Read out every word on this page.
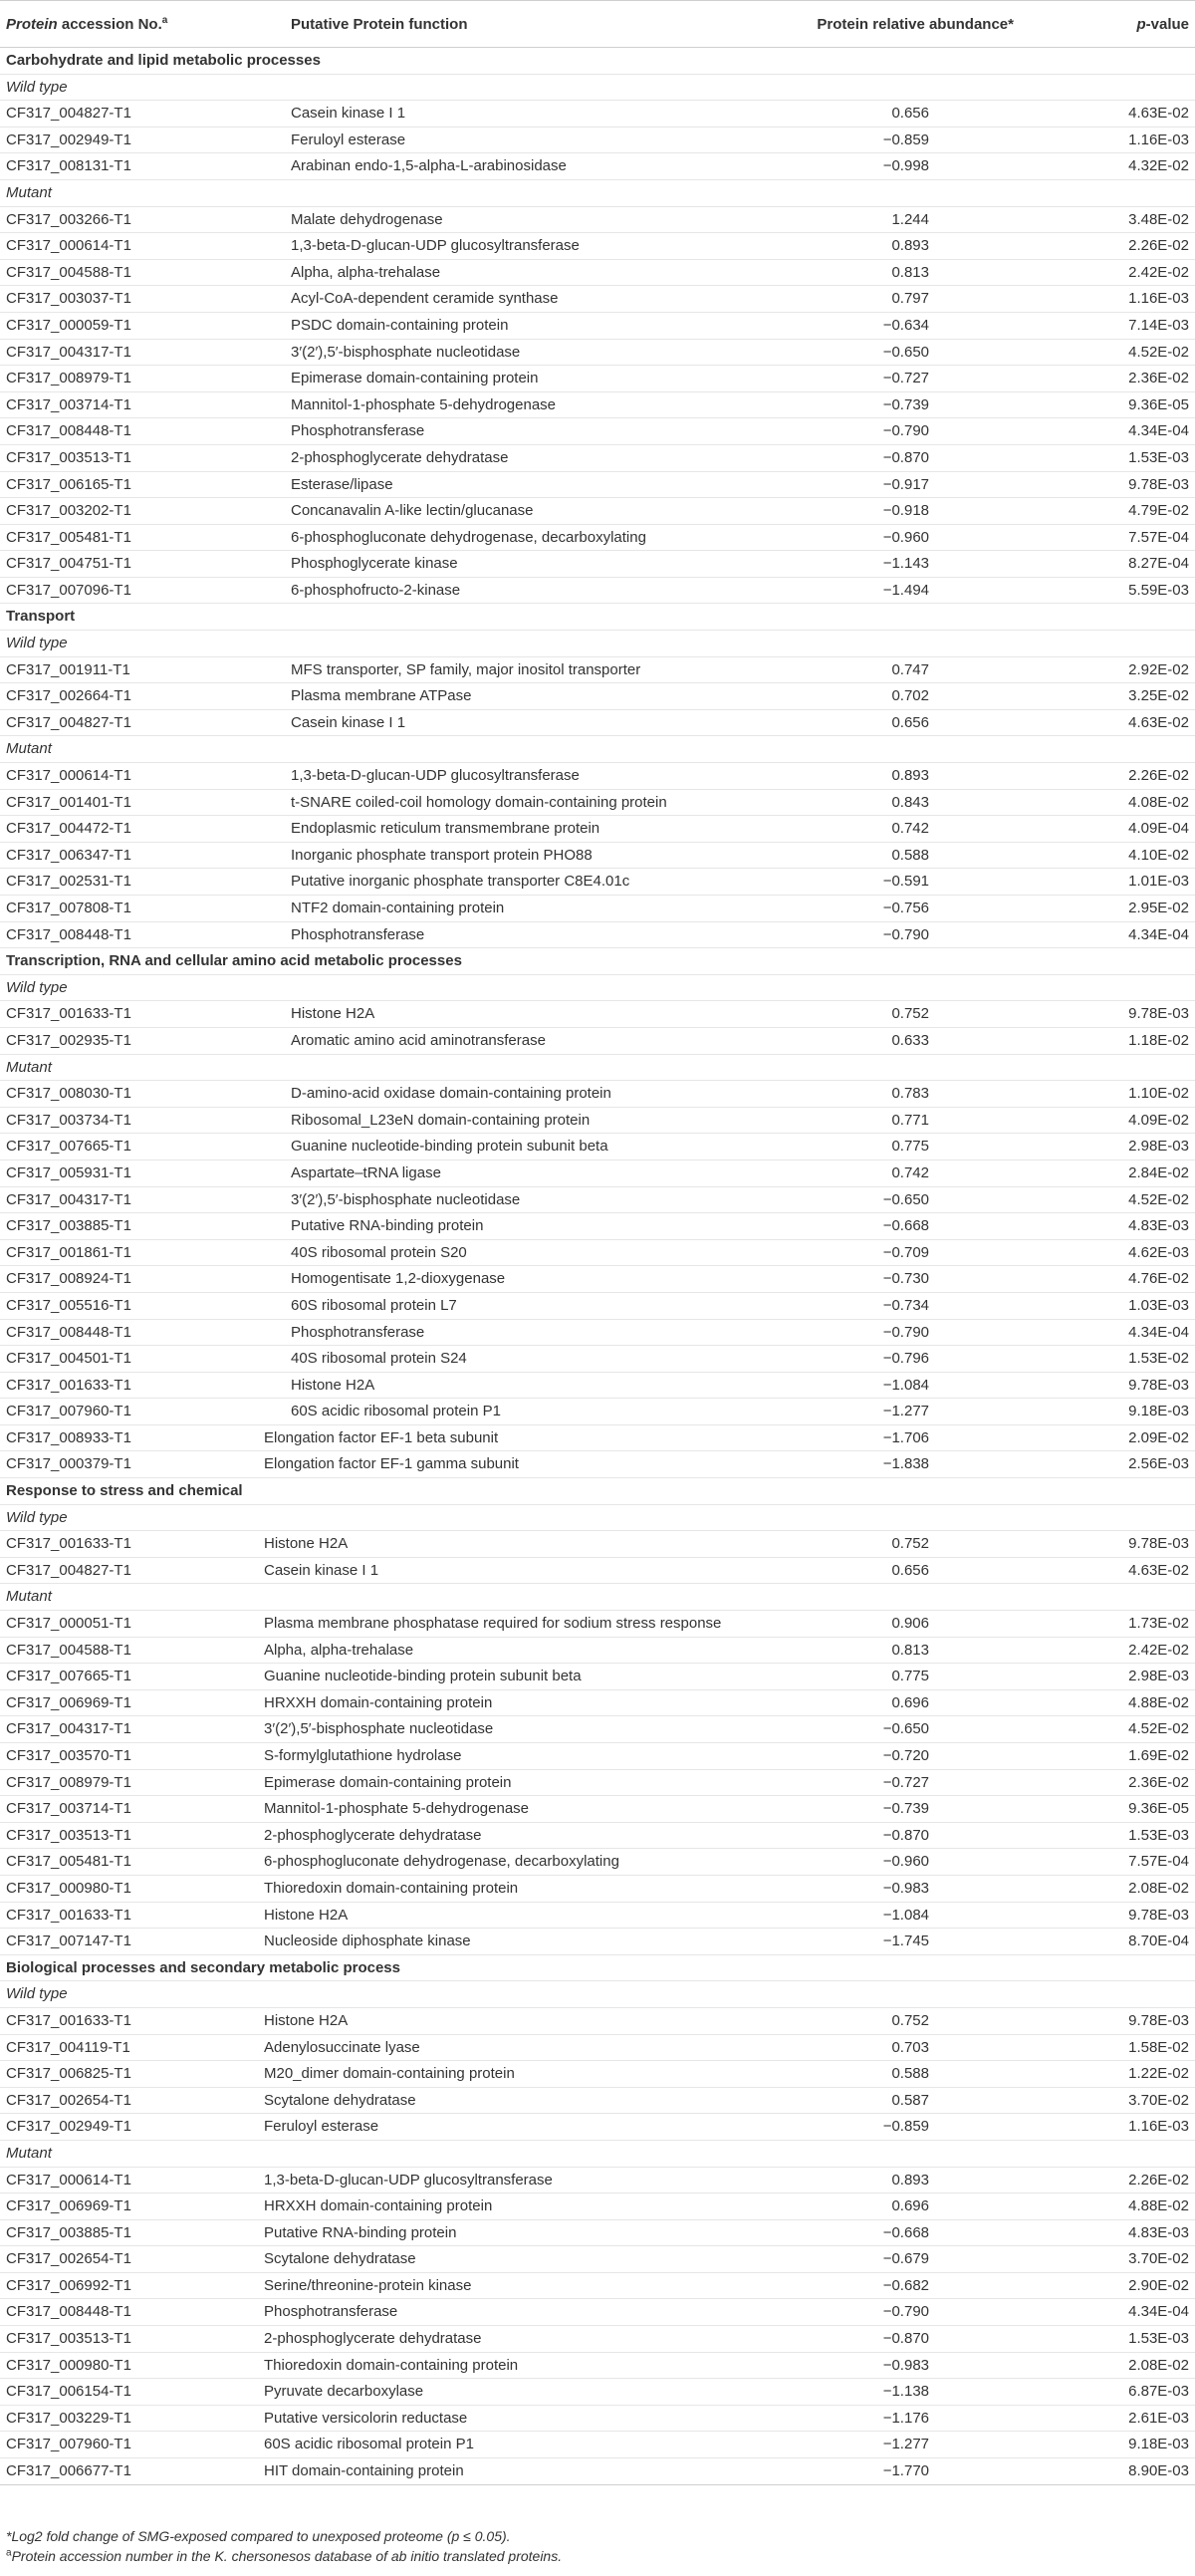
Protein accession No.$^a$	Putative Protein function	Protein relative abundance*	p-value
Carbohydrate and lipid metabolic processes
Wild type
CF317_004827-T1	Casein kinase I 1	0.656	4.63E-02
CF317_002949-T1	Feruloyl esterase	−0.859	1.16E-03
CF317_008131-T1	Arabinan endo-1,5-alpha-L-arabinosidase	−0.998	4.32E-02
Mutant
CF317_003266-T1	Malate dehydrogenase	1.244	3.48E-02
CF317_000614-T1	1,3-beta-D-glucan-UDP glucosyltransferase	0.893	2.26E-02
CF317_004588-T1	Alpha, alpha-trehalase	0.813	2.42E-02
CF317_003037-T1	Acyl-CoA-dependent ceramide synthase	0.797	1.16E-03
CF317_000059-T1	PSDC domain-containing protein	−0.634	7.14E-03
CF317_004317-T1	3′(2′),5′-bisphosphate nucleotidase	−0.650	4.52E-02
CF317_008979-T1	Epimerase domain-containing protein	−0.727	2.36E-02
CF317_003714-T1	Mannitol-1-phosphate 5-dehydrogenase	−0.739	9.36E-05
CF317_008448-T1	Phosphotransferase	−0.790	4.34E-04
CF317_003513-T1	2-phosphoglycerate dehydratase	−0.870	1.53E-03
CF317_006165-T1	Esterase/lipase	−0.917	9.78E-03
CF317_003202-T1	Concanavalin A-like lectin/glucanase	−0.918	4.79E-02
CF317_005481-T1	6-phosphogluconate dehydrogenase, decarboxylating	−0.960	7.57E-04
CF317_004751-T1	Phosphoglycerate kinase	−1.143	8.27E-04
CF317_007096-T1	6-phosphofructo-2-kinase	−1.494	5.59E-03
Transport
Wild type
CF317_001911-T1	MFS transporter, SP family, major inositol transporter	0.747	2.92E-02
CF317_002664-T1	Plasma membrane ATPase	0.702	3.25E-02
CF317_004827-T1	Casein kinase I 1	0.656	4.63E-02
Mutant
CF317_000614-T1	1,3-beta-D-glucan-UDP glucosyltransferase	0.893	2.26E-02
CF317_001401-T1	t-SNARE coiled-coil homology domain-containing protein	0.843	4.08E-02
CF317_004472-T1	Endoplasmic reticulum transmembrane protein	0.742	4.09E-04
CF317_006347-T1	Inorganic phosphate transport protein PHO88	0.588	4.10E-02
CF317_002531-T1	Putative inorganic phosphate transporter C8E4.01c	−0.591	1.01E-03
CF317_007808-T1	NTF2 domain-containing protein	−0.756	2.95E-02
CF317_008448-T1	Phosphotransferase	−0.790	4.34E-04
Transcription, RNA and cellular amino acid metabolic processes
Wild type
CF317_001633-T1	Histone H2A	0.752	9.78E-03
CF317_002935-T1	Aromatic amino acid aminotransferase	0.633	1.18E-02
Mutant
CF317_008030-T1	D-amino-acid oxidase domain-containing protein	0.783	1.10E-02
CF317_003734-T1	Ribosomal_L23eN domain-containing protein	0.771	4.09E-02
CF317_007665-T1	Guanine nucleotide-binding protein subunit beta	0.775	2.98E-03
CF317_005931-T1	Aspartate–tRNA ligase	0.742	2.84E-02
CF317_004317-T1	3′(2′),5′-bisphosphate nucleotidase	−0.650	4.52E-02
CF317_003885-T1	Putative RNA-binding protein	−0.668	4.83E-03
CF317_001861-T1	40S ribosomal protein S20	−0.709	4.62E-03
CF317_008924-T1	Homogentisate 1,2-dioxygenase	−0.730	4.76E-02
CF317_005516-T1	60S ribosomal protein L7	−0.734	1.03E-03
CF317_008448-T1	Phosphotransferase	−0.790	4.34E-04
CF317_004501-T1	40S ribosomal protein S24	−0.796	1.53E-02
CF317_001633-T1	Histone H2A	−1.084	9.78E-03
CF317_007960-T1	60S acidic ribosomal protein P1	−1.277	9.18E-03
CF317_008933-T1	Elongation factor EF-1 beta subunit	−1.706	2.09E-02
CF317_000379-T1	Elongation factor EF-1 gamma subunit	−1.838	2.56E-03
Response to stress and chemical
Wild type
CF317_001633-T1	Histone H2A	0.752	9.78E-03
CF317_004827-T1	Casein kinase I 1	0.656	4.63E-02
Mutant
CF317_000051-T1	Plasma membrane phosphatase required for sodium stress response	0.906	1.73E-02
CF317_004588-T1	Alpha, alpha-trehalase	0.813	2.42E-02
CF317_007665-T1	Guanine nucleotide-binding protein subunit beta	0.775	2.98E-03
CF317_006969-T1	HRXXH domain-containing protein	0.696	4.88E-02
CF317_004317-T1	3′(2′),5′-bisphosphate nucleotidase	−0.650	4.52E-02
CF317_003570-T1	S-formylglutathione hydrolase	−0.720	1.69E-02
CF317_008979-T1	Epimerase domain-containing protein	−0.727	2.36E-02
CF317_003714-T1	Mannitol-1-phosphate 5-dehydrogenase	−0.739	9.36E-05
CF317_003513-T1	2-phosphoglycerate dehydratase	−0.870	1.53E-03
CF317_005481-T1	6-phosphogluconate dehydrogenase, decarboxylating	−0.960	7.57E-04
CF317_000980-T1	Thioredoxin domain-containing protein	−0.983	2.08E-02
CF317_001633-T1	Histone H2A	−1.084	9.78E-03
CF317_007147-T1	Nucleoside diphosphate kinase	−1.745	8.70E-04
Biological processes and secondary metabolic process
Wild type
CF317_001633-T1	Histone H2A	0.752	9.78E-03
CF317_004119-T1	Adenylosuccinate lyase	0.703	1.58E-02
CF317_006825-T1	M20_dimer domain-containing protein	0.588	1.22E-02
CF317_002654-T1	Scytalone dehydratase	0.587	3.70E-02
CF317_002949-T1	Feruloyl esterase	−0.859	1.16E-03
Mutant
CF317_000614-T1	1,3-beta-D-glucan-UDP glucosyltransferase	0.893	2.26E-02
CF317_006969-T1	HRXXH domain-containing protein	0.696	4.88E-02
CF317_003885-T1	Putative RNA-binding protein	−0.668	4.83E-03
CF317_002654-T1	Scytalone dehydratase	−0.679	3.70E-02
CF317_006992-T1	Serine/threonine-protein kinase	−0.682	2.90E-02
CF317_008448-T1	Phosphotransferase	−0.790	4.34E-04
CF317_003513-T1	2-phosphoglycerate dehydratase	−0.870	1.53E-03
CF317_000980-T1	Thioredoxin domain-containing protein	−0.983	2.08E-02
CF317_006154-T1	Pyruvate decarboxylase	−1.138	6.87E-03
CF317_003229-T1	Putative versicolorin reductase	−1.176	2.61E-03
CF317_007960-T1	60S acidic ribosomal protein P1	−1.277	9.18E-03
CF317_006677-T1	HIT domain-containing protein	−1.770	8.90E-03
*Log2 fold change of SMG-exposed compared to unexposed proteome (p ≤ 0.05).
$^a$Protein accession number in the K. chersonesos database of ab initio translated proteins.
